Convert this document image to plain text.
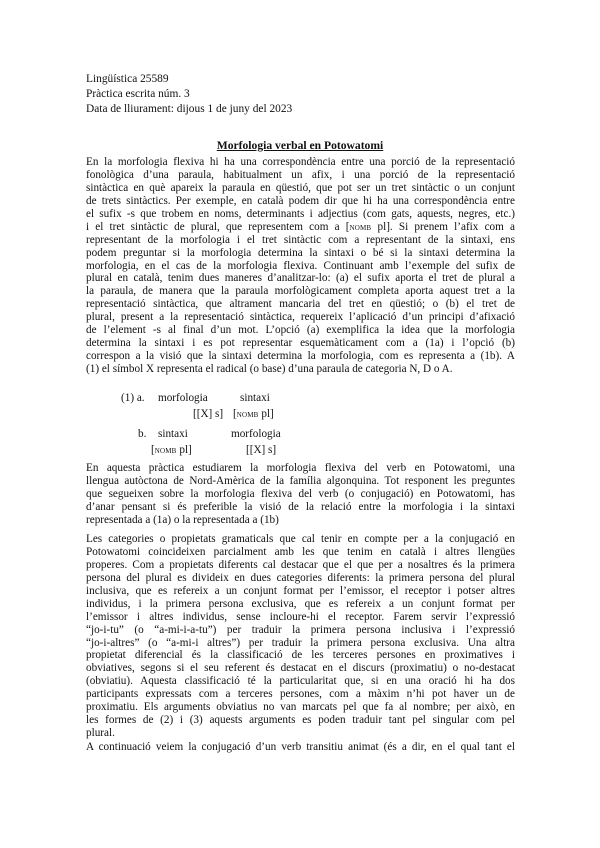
Lingüística 25589
Pràctica escrita núm. 3
Data de lliurament: dijous 1 de juny del 2023
Morfologia verbal en Potowatomi
En la morfologia flexiva hi ha una correspondència entre una porció de la representació
fonològica d’una paraula, habitualment un afix, i una porció de la representació
sintàctica en què apareix la paraula en qüestió, que pot ser un tret sintàctic o un conjunt
de trets sintàctics. Per exemple, en català podem dir que hi ha una correspondència entre
el sufix -s que trobem en noms, determinants i adjectius (com gats, aquests, negres, etc.)
i el tret sintàctic de plural, que representem com a [nomb pl]. Si prenem l’afix com a
representant de la morfologia i el tret sintàctic com a representant de la sintaxi, ens
podem preguntar si la morfologia determina la sintaxi o bé si la sintaxi determina la
morfologia, en el cas de la morfologia flexiva. Continuant amb l’exemple del sufix de
plural en català, tenim dues maneres d’analitzar-lo: (a) el sufix aporta el tret de plural a
la paraula, de manera que la paraula morfològicament completa aporta aquest tret a la
representació sintàctica, que altrament mancaria del tret en qüestió; o (b) el tret de
plural, present a la representació sintàctica, requereix l’aplicació d’un principi d’afixació
de l’element -s al final d’un mot. L’opció (a) exemplifica la idea que la morfologia
determina la sintaxi i es pot representar esquemàticament com a (1a) i l’opció (b)
correspon a la visió que la sintaxi determina la morfologia, com es representa a (1b). A
(1) el símbol X representa el radical (o base) d’una paraula de categoria N, D o A.
(1) a. morfologia	sintaxi
[[X] s] [nomb pl]
b. sintaxi	morfologia
[nomb pl]	[[X] s]
En aquesta pràctica estudiarem la morfologia flexiva del verb en Potowatomi, una
llengua autòctona de Nord-Amèrica de la família algonquina. Tot responent les preguntes
que segueixen sobre la morfologia flexiva del verb (o conjugació) en Potowatomi, has
d’anar pensant si és preferible la visió de la relació entre la morfologia i la sintaxi
representada a (1a) o la representada a (1b)
Les categories o propietats gramaticals que cal tenir en compte per a la conjugació en
Potowatomi coincideixen parcialment amb les que tenim en català i altres llengües
properes. Com a propietats diferents cal destacar que el que per a nosaltres és la primera
persona del plural es divideix en dues categories diferents: la primera persona del plural
inclusiva, que es refereix a un conjunt format per l’emissor, el receptor i potser altres
individus, i la primera persona exclusiva, que es refereix a un conjunt format per
l’emissor i altres individus, sense incloure-hi el receptor. Farem servir l’expressió
“jo-i-tu” (o “a-mi-i-a-tu”) per traduir la primera persona inclusiva i l’expressió
“jo-i-altres” (o “a-mi-i altres”) per traduir la primera persona exclusiva. Una altra
propietat diferencial és la classificació de les terceres persones en proximatives i
obviatives, segons si el seu referent és destacat en el discurs (proximatiu) o no-destacat
(obviatiu). Aquesta classificació té la particularitat que, si en una oració hi ha dos
participants expressats com a terceres persones, com a màxim n’hi pot haver un de
proximatiu. Els arguments obviatius no van marcats pel que fa al nombre; per això, en
les formes de (2) i (3) aquests arguments es poden traduir tant pel singular com pel
plural.
A continuació veiem la conjugació d’un verb transitiu animat (és a dir, en el qual tant el
